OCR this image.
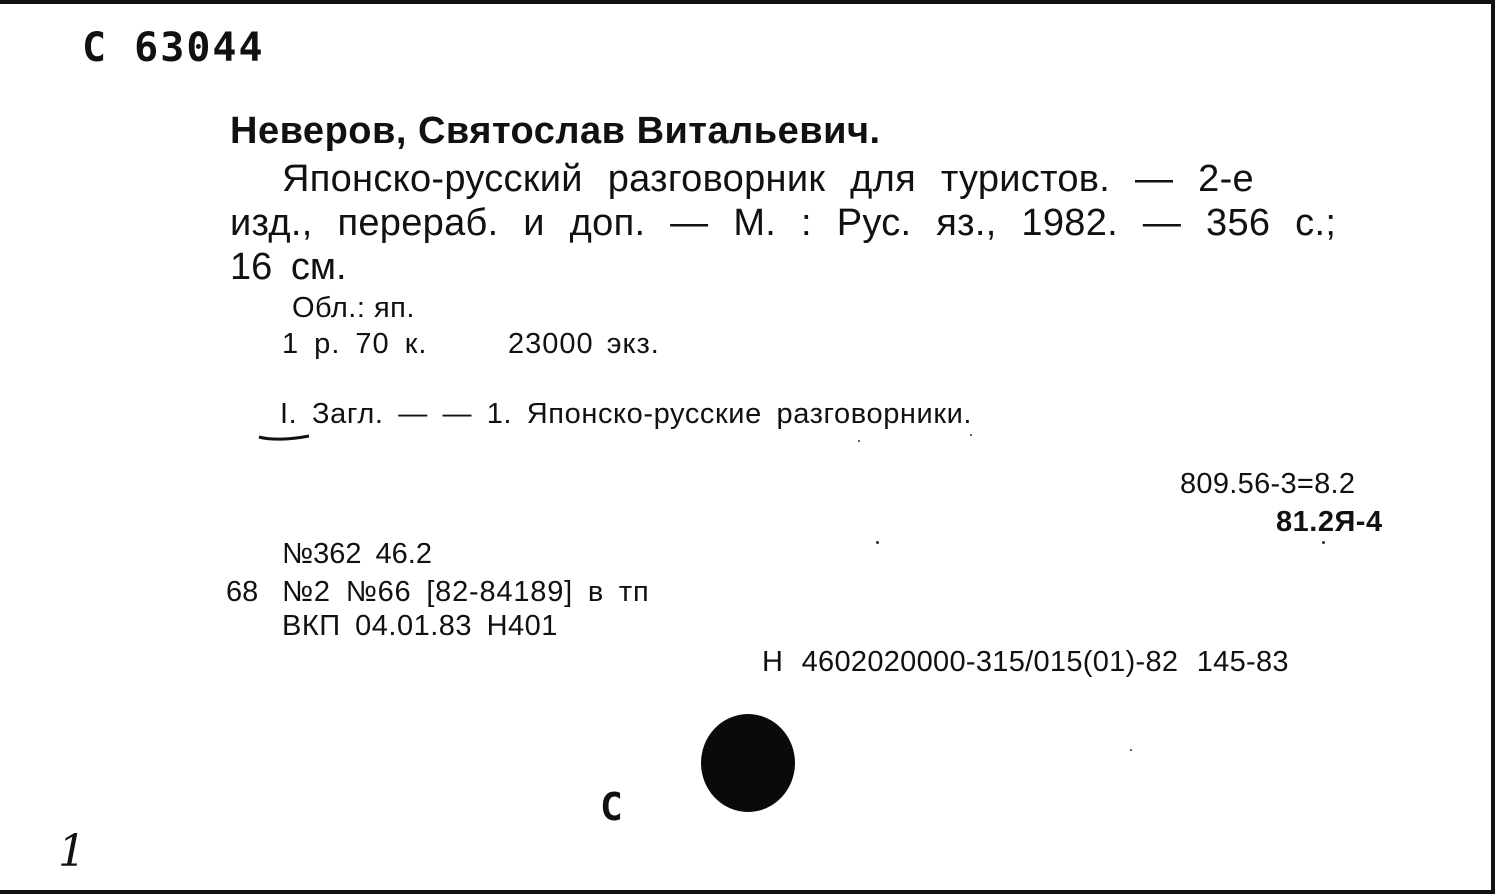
С 63044
Неверов, Святослав Витальевич.
Японско-русский разговорник для туристов. — 2-е
изд., перераб. и доп. — М. : Рус. яз., 1982. — 356 с.;
16 см.
Обл.: яп.
1 р. 70 к.	23000 экз.
I. Загл. — — 1. Японско-русские разговорники.
809.56-3=8.2
81.2Я-4
№362 46.2
68 №2 №66 [82-84189] в тп
ВКП 04.01.83 Н401
Н 4602020000-315/015(01)-82 145-83
С
1
